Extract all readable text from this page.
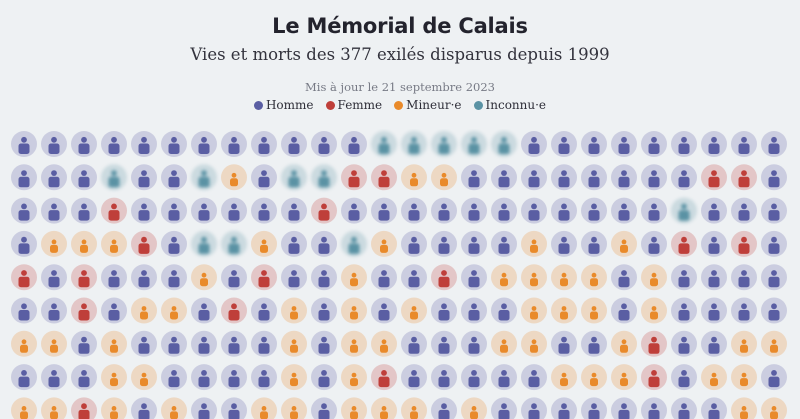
Le Mémorial de Calais
Vies et morts des 377 exilés disparus depuis 1999
Mis à jour le 21 septembre 2023
Homme Femme Mineur·e Inconnu·e
